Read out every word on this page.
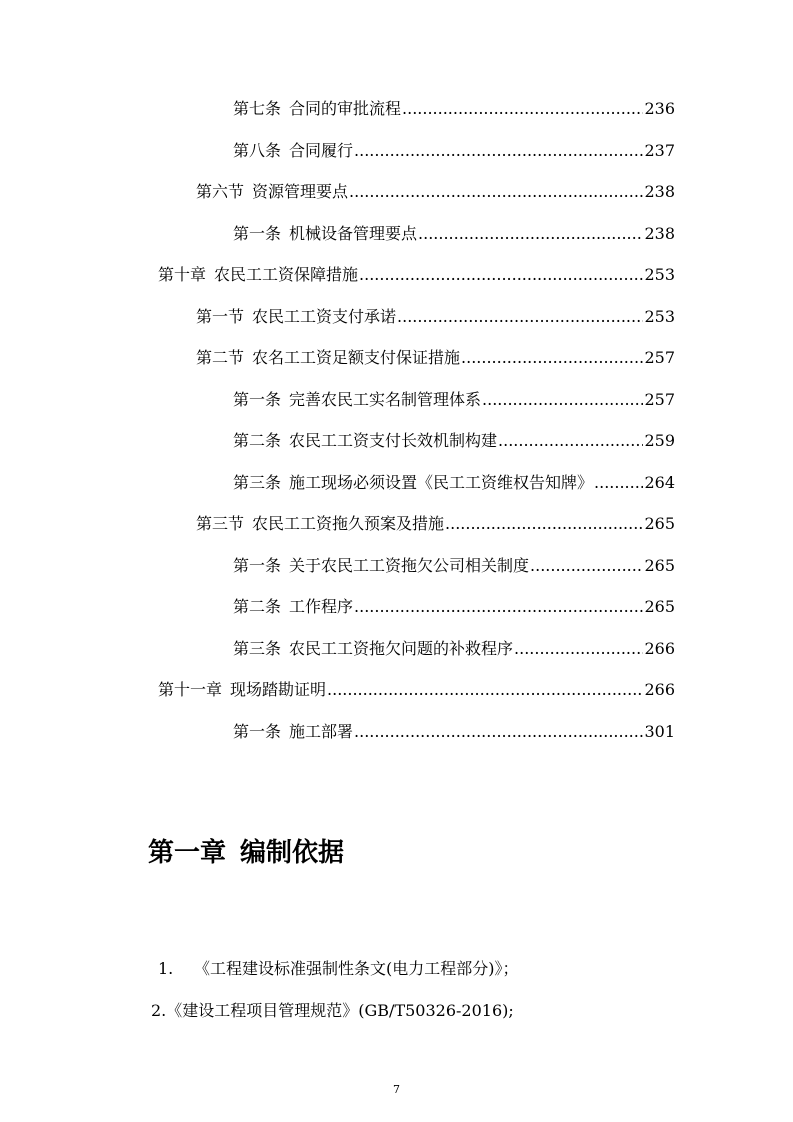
第七条 合同的审批流程 .....	236
第八条 合同履行 .....	237
第六节 资源管理要点 .....	238
第一条 机械设备管理要点 .....	238
第十章 农民工工资保障措施 .....	253
第一节 农民工工资支付承诺 .....	253
第二节 农名工工资足额支付保证措施 .....	257
第一条 完善农民工实名制管理体系 .....	257
第二条 农民工工资支付长效机制构建 .....	259
第三条 施工现场必须设置《民工工资维权告知牌》 .....	264
第三节 农民工工资拖久预案及措施 .....	265
第一条 关于农民工工资拖欠公司相关制度 .....	265
第二条 工作程序 .....	265
第三条 农民工工资拖欠问题的补救程序 .....	266
第十一章 现场踏勘证明 .....	266
第一条 施工部署 .....	301
第一章 编制依据
1. 《工程建设标准强制性条文(电力工程部分)》；
2.《建设工程项目管理规范》(GB/T50326-2016);
7
